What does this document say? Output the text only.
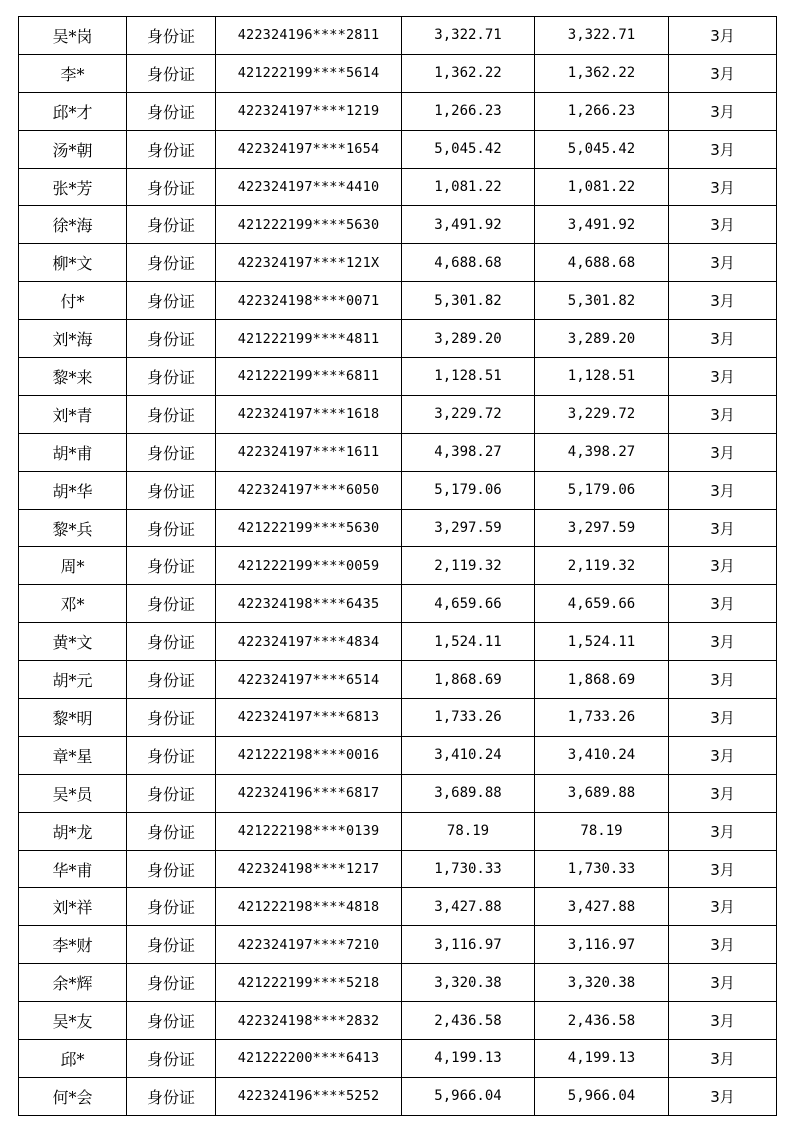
吴*岗	身份证	422324196****2811	3,322.71	3,322.71	3月
李*	身份证	421222199****5614	1,362.22	1,362.22	3月
邱*才	身份证	422324197****1219	1,266.23	1,266.23	3月
汤*朝	身份证	422324197****1654	5,045.42	5,045.42	3月
张*芳	身份证	422324197****4410	1,081.22	1,081.22	3月
徐*海	身份证	421222199****5630	3,491.92	3,491.92	3月
柳*文	身份证	422324197****121X	4,688.68	4,688.68	3月
付*	身份证	422324198****0071	5,301.82	5,301.82	3月
刘*海	身份证	421222199****4811	3,289.20	3,289.20	3月
黎*来	身份证	421222199****6811	1,128.51	1,128.51	3月
刘*青	身份证	422324197****1618	3,229.72	3,229.72	3月
胡*甫	身份证	422324197****1611	4,398.27	4,398.27	3月
胡*华	身份证	422324197****6050	5,179.06	5,179.06	3月
黎*兵	身份证	421222199****5630	3,297.59	3,297.59	3月
周*	身份证	421222199****0059	2,119.32	2,119.32	3月
邓*	身份证	422324198****6435	4,659.66	4,659.66	3月
黄*文	身份证	422324197****4834	1,524.11	1,524.11	3月
胡*元	身份证	422324197****6514	1,868.69	1,868.69	3月
黎*明	身份证	422324197****6813	1,733.26	1,733.26	3月
章*星	身份证	421222198****0016	3,410.24	3,410.24	3月
吴*员	身份证	422324196****6817	3,689.88	3,689.88	3月
胡*龙	身份证	421222198****0139	78.19	78.19	3月
华*甫	身份证	422324198****1217	1,730.33	1,730.33	3月
刘*祥	身份证	421222198****4818	3,427.88	3,427.88	3月
李*财	身份证	422324197****7210	3,116.97	3,116.97	3月
余*辉	身份证	421222199****5218	3,320.38	3,320.38	3月
吴*友	身份证	422324198****2832	2,436.58	2,436.58	3月
邱*	身份证	421222200****6413	4,199.13	4,199.13	3月
何*会	身份证	422324196****5252	5,966.04	5,966.04	3月
